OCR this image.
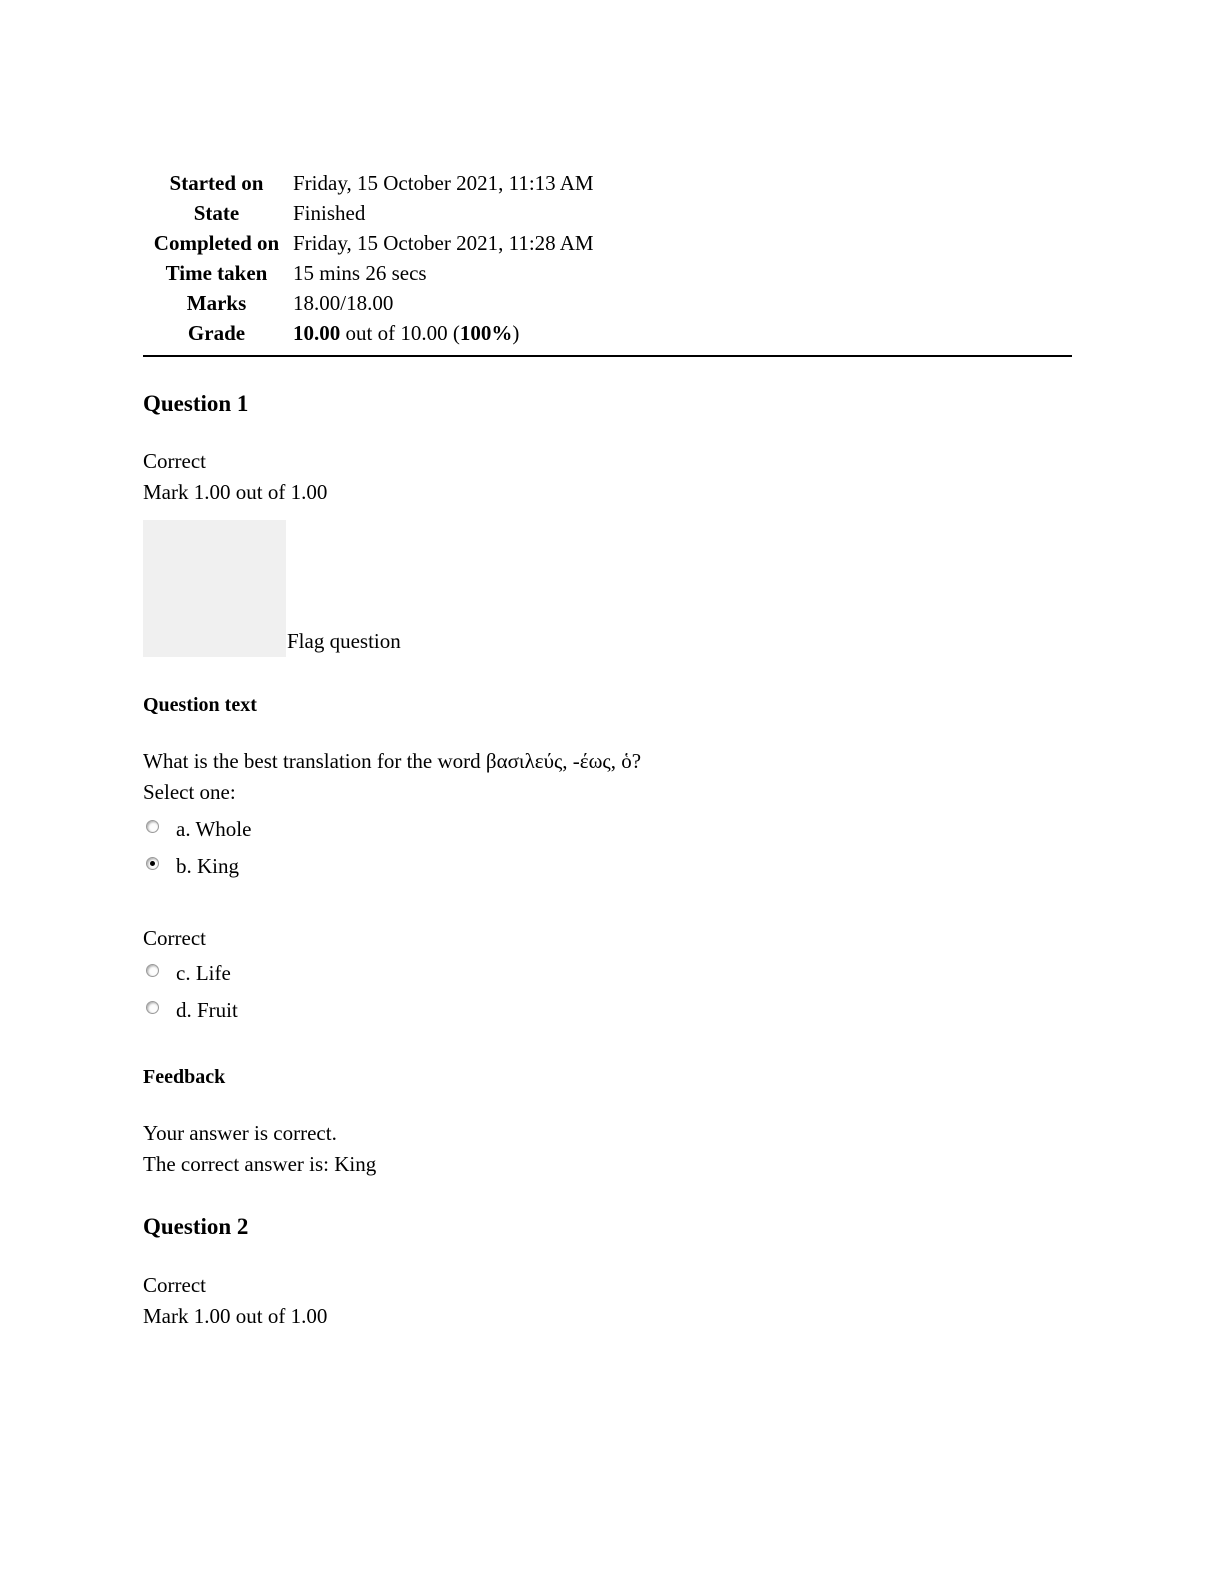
Started on	Friday, 15 October 2021, 11:13 AM
State	Finished
Completed on	Friday, 15 October 2021, 11:28 AM
Time taken	15 mins 26 secs
Marks	18.00/18.00
Grade	10.00 out of 10.00 (100%)
Question 1
Correct
Mark 1.00 out of 1.00
Flag question
Question text
What is the best translation for the word βασιλεύς, -έως, ὁ?
Select one:
a. Whole
b. King
Correct
c. Life
d. Fruit
Feedback
Your answer is correct.
The correct answer is: King
Question 2
Correct
Mark 1.00 out of 1.00
